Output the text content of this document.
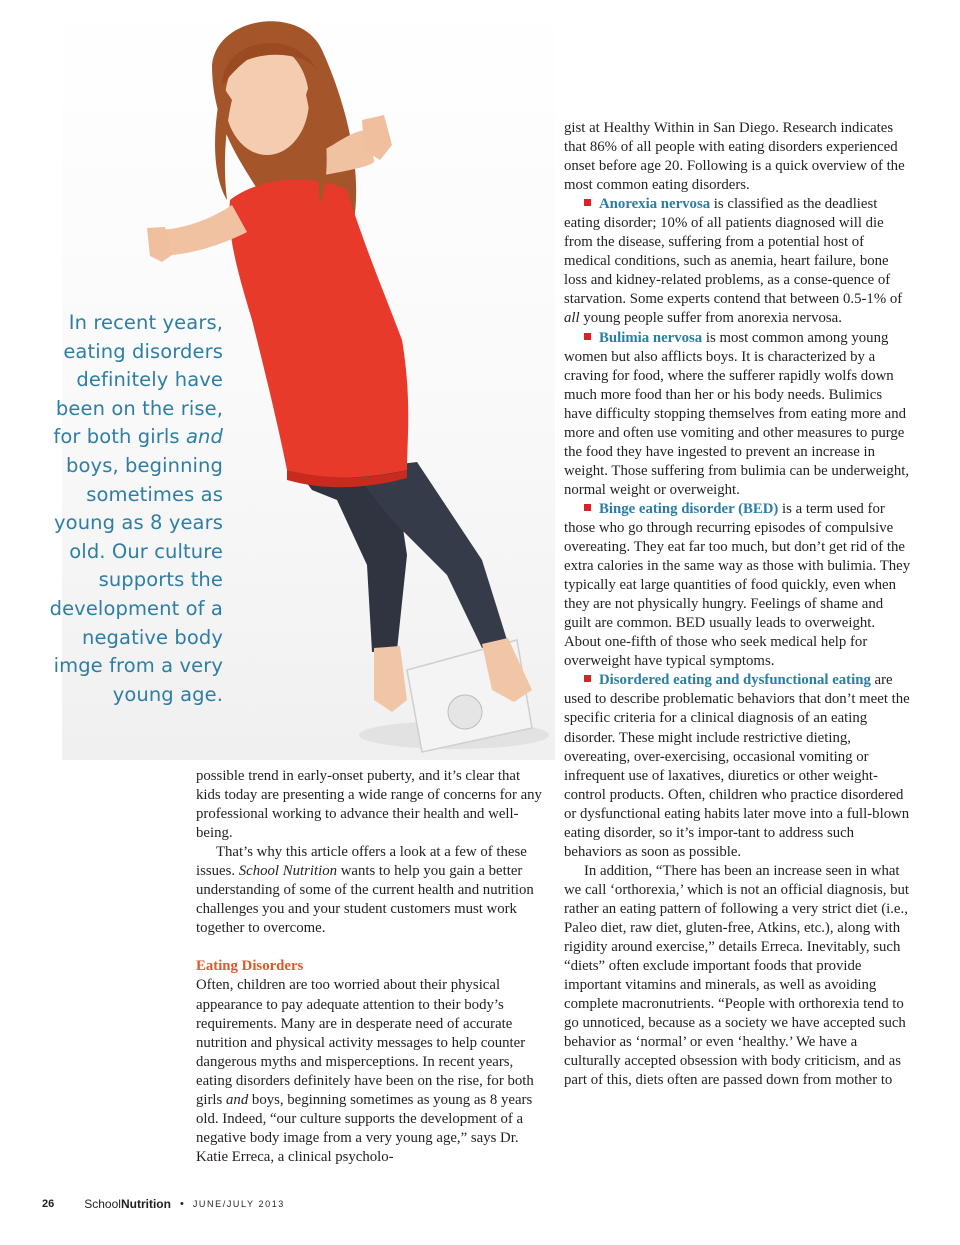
In recent years,
eating disorders
definitely have
been on the rise,
for both girls and
boys, beginning
sometimes as
young as 8 years
old. Our culture
supports the
development of a
negative body
imge from a very
young age.

possible trend in early-onset puberty, and it’s clear that kids today are presenting a wide range of concerns for any professional working to advance their health and well-being.

That’s why this article offers a look at a few of these issues. School Nutrition wants to help you gain a better understanding of some of the current health and nutrition challenges you and your student customers must work together to overcome.

Eating Disorders

Often, children are too worried about their physical appearance to pay adequate attention to their body’s requirements. Many are in desperate need of accurate nutrition and physical activity messages to help counter dangerous myths and misperceptions. In recent years, eating disorders definitely have been on the rise, for both girls and boys, beginning sometimes as young as 8 years old. Indeed, “our culture supports the development of a negative body image from a very young age,” says Dr. Katie Erreca, a clinical psycholo-

gist at Healthy Within in San Diego. Research indicates that 86% of all people with eating disorders experienced onset before age 20. Following is a quick overview of the most common eating disorders.

Anorexia nervosa is classified as the deadliest eating disorder; 10% of all patients diagnosed will die from the disease, suffering from a potential host of medical conditions, such as anemia, heart failure, bone loss and kidney-related problems, as a conse-quence of starvation. Some experts contend that between 0.5-1% of all young people suffer from anorexia nervosa.

Bulimia nervosa is most common among young women but also afflicts boys. It is characterized by a craving for food, where the sufferer rapidly wolfs down much more food than her or his body needs. Bulimics have difficulty stopping themselves from eating more and more and often use vomiting and other measures to purge the food they have ingested to prevent an increase in weight. Those suffering from bulimia can be underweight, normal weight or overweight.

Binge eating disorder (BED) is a term used for those who go through recurring episodes of compulsive overeating. They eat far too much, but don’t get rid of the extra calories in the same way as those with bulimia. They typically eat large quantities of food quickly, even when they are not physically hungry. Feelings of shame and guilt are common. BED usually leads to overweight. About one-fifth of those who seek medical help for overweight have typical symptoms.

Disordered eating and dysfunctional eating are used to describe problematic behaviors that don’t meet the specific criteria for a clinical diagnosis of an eating disorder. These might include restrictive dieting, overeating, over-exercising, occasional vomiting or infrequent use of laxatives, diuretics or other weight-control products. Often, children who practice disordered or dysfunctional eating habits later move into a full-blown eating disorder, so it’s impor-tant to address such behaviors as soon as possible.

In addition, “There has been an increase seen in what we call ‘orthorexia,’ which is not an official diagnosis, but rather an eating pattern of following a very strict diet (i.e., Paleo diet, raw diet, gluten-free, Atkins, etc.), along with rigidity around exercise,” details Erreca. Inevitably, such “diets” often exclude important foods that provide important vitamins and minerals, as well as avoiding complete macronutrients. “People with orthorexia tend to go unnoticed, because as a society we have accepted such behavior as ‘normal’ or even ‘healthy.’ We have a culturally accepted obsession with body criticism, and as part of this, diets often are passed down from mother to

26	School Nutrition • JUNE/JULY 2013
